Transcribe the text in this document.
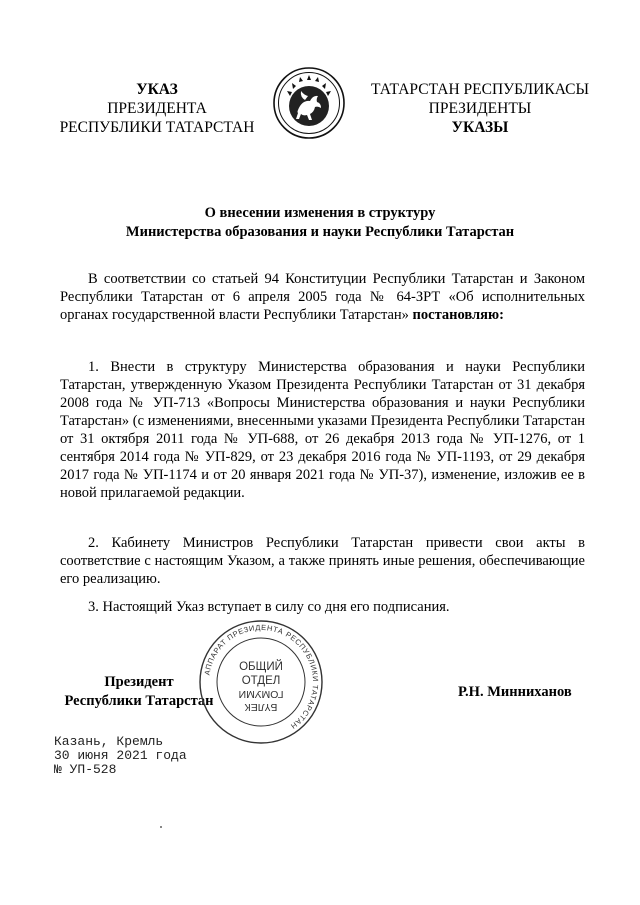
УКАЗ
ПРЕЗИДЕНТА
РЕСПУБЛИКИ ТАТАРСТАН
ТАТАРСТАН РЕСПУБЛИКАСЫ
ПРЕЗИДЕНТЫ
УКАЗЫ
О внесении изменения в структуру
Министерства образования и науки Республики Татарстан
В соответствии со статьей 94 Конституции Республики Татарстан и Законом Республики Татарстан от 6 апреля 2005 года № 64-ЗРТ «Об исполнительных органах государственной власти Республики Татарстан» постановляю:
1. Внести в структуру Министерства образования и науки Республики Татарстан, утвержденную Указом Президента Республики Татарстан от 31 декабря 2008 года № УП-713 «Вопросы Министерства образования и науки Республики Татарстан» (с изменениями, внесенными указами Президента Республики Татарстан от 31 октября 2011 года № УП-688, от 26 декабря 2013 года № УП-1276, от 1 сентября 2014 года № УП-829, от 23 декабря 2016 года № УП-1193, от 29 декабря 2017 года № УП-1174 и от 20 января 2021 года № УП-37), изменение, изложив ее в новой прилагаемой редакции.
2. Кабинету Министров Республики Татарстан привести свои акты в соответствие с настоящим Указом, а также принять иные решения, обеспечивающие его реализацию.
3. Настоящий Указ вступает в силу со дня его подписания.
Президент
Республики Татарстан
АППАРАТ ПРЕЗИДЕНТА РЕСПУБЛИКИ ТАТАРСТАН
ОБЩИЙ
ОТДЕЛ
БҮЛЕК
ГОМУМИ	Р.Н. Минниханов
Казань, Кремль
30 июня 2021 года
№ УП-528
